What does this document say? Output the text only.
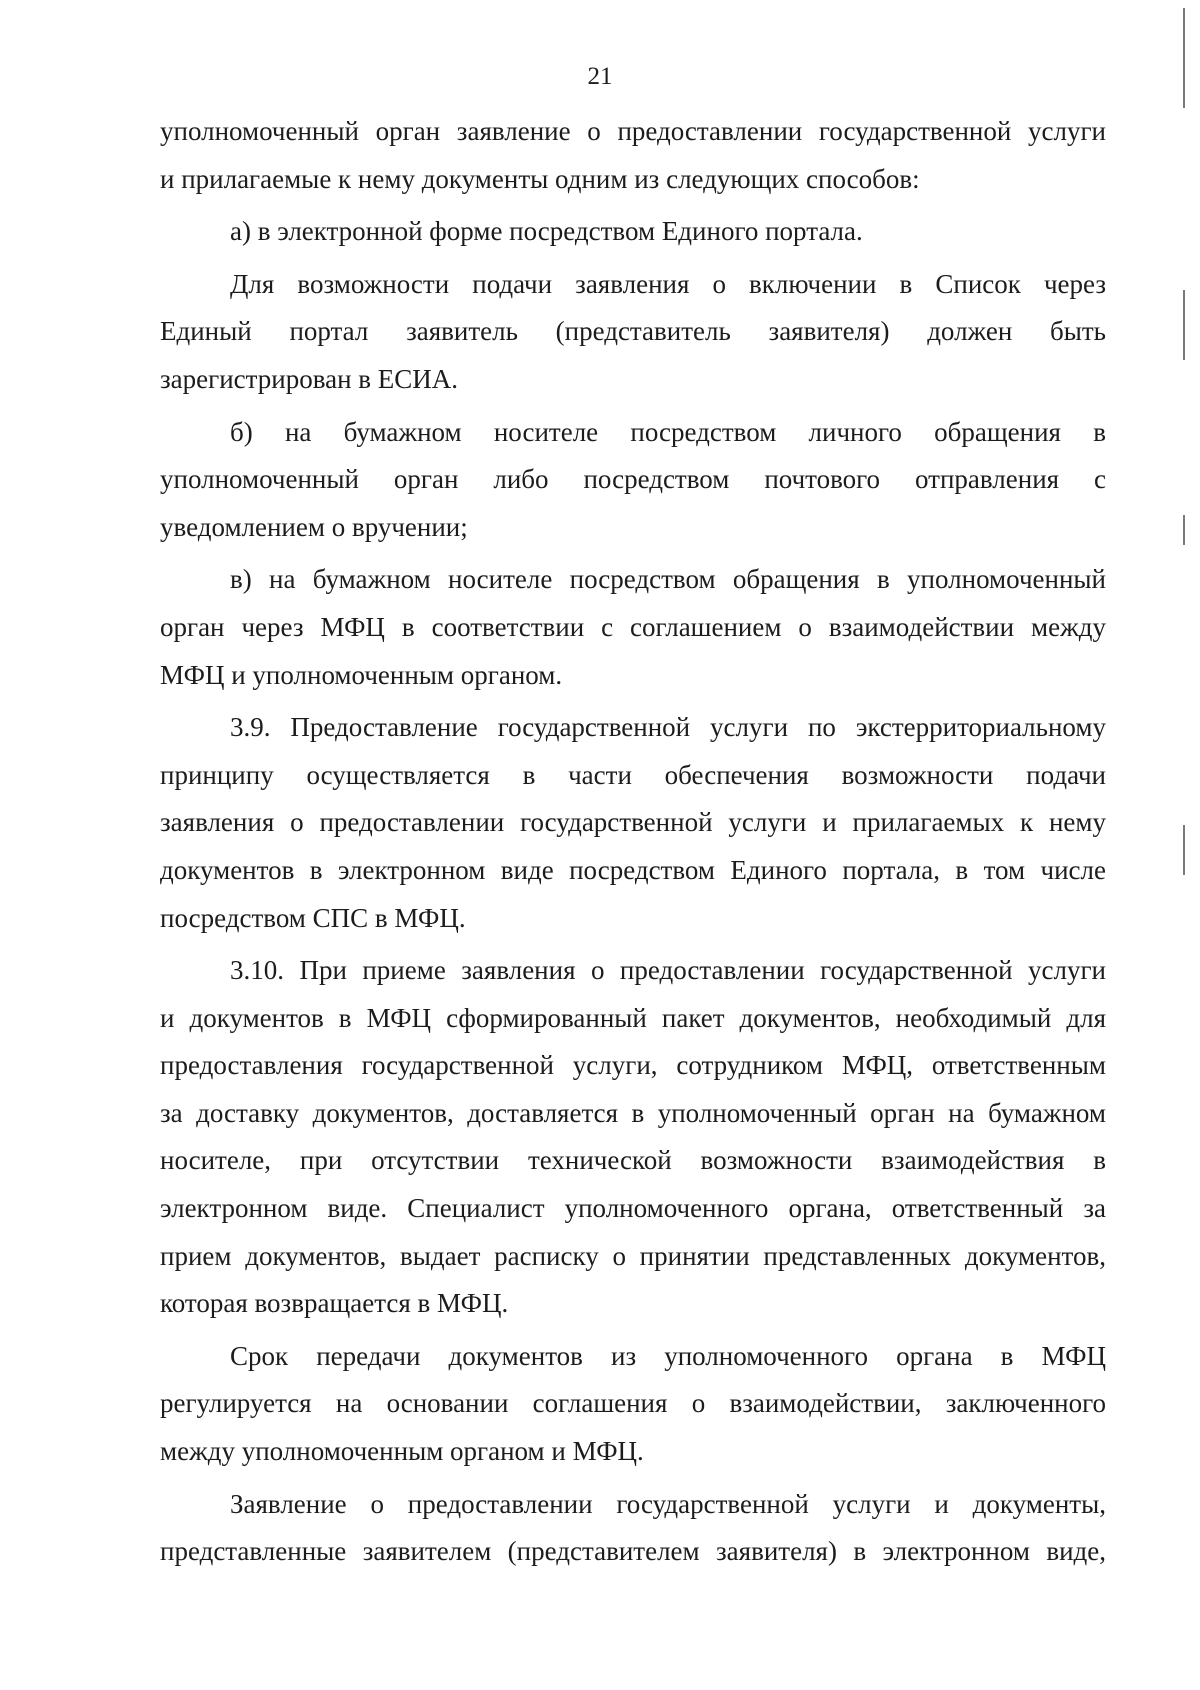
21

уполномоченный орган заявление о предоставлении государственной услуги
и прилагаемые к нему документы одним из следующих способов:

а) в электронной форме посредством Единого портала.

Для возможности подачи заявления о включении в Список через
Единый портал заявитель (представитель заявителя) должен быть
зарегистрирован в ЕСИА.

б) на бумажном носителе посредством личного обращения в
уполномоченный орган либо посредством почтового отправления с
уведомлением о вручении;

в) на бумажном носителе посредством обращения в уполномоченный
орган через МФЦ в соответствии с соглашением о взаимодействии между
МФЦ и уполномоченным органом.

3.9. Предоставление государственной услуги по экстерриториальному
принципу осуществляется в части обеспечения возможности подачи
заявления о предоставлении государственной услуги и прилагаемых к нему
документов в электронном виде посредством Единого портала, в том числе
посредством СПС в МФЦ.

3.10. При приеме заявления о предоставлении государственной услуги
и документов в МФЦ сформированный пакет документов, необходимый для
предоставления государственной услуги, сотрудником МФЦ, ответственным
за доставку документов, доставляется в уполномоченный орган на бумажном
носителе, при отсутствии технической возможности взаимодействия в
электронном виде. Специалист уполномоченного органа, ответственный за
прием документов, выдает расписку о принятии представленных документов,
которая возвращается в МФЦ.

Срок передачи документов из уполномоченного органа в МФЦ
регулируется на основании соглашения о взаимодействии, заключенного
между уполномоченным органом и МФЦ.

Заявление о предоставлении государственной услуги и документы,
представленные заявителем (представителем заявителя) в электронном виде,
